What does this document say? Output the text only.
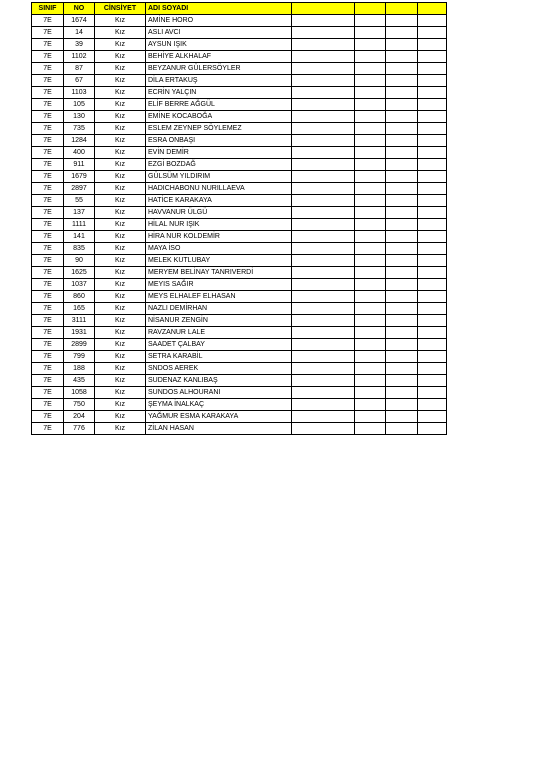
SINIF	NO	CİNSİYET	ADI SOYADI				
7E	1674	Kız	AMİNE HORO				
7E	14	Kız	ASLI AVCI				
7E	39	Kız	AYSUN IŞIK				
7E	1102	Kız	BEHİYE ALKHALAF				
7E	87	Kız	BEYZANUR GÜLERSÖYLER				
7E	67	Kız	DİLA ERTAKUŞ				
7E	1103	Kız	ECRİN YALÇIN				
7E	105	Kız	ELİF BERRE AĞGÜL				
7E	130	Kız	EMİNE KOCABOĞA				
7E	735	Kız	ESLEM ZEYNEP SÖYLEMEZ				
7E	1284	Kız	ESRA ONBAŞI				
7E	400	Kız	EVİN DEMİR				
7E	911	Kız	EZGİ BOZDAĞ				
7E	1679	Kız	GÜLSÜM YILDIRIM				
7E	2897	Kız	HADICHABONU NURILLAEVA				
7E	55	Kız	HATİCE KARAKAYA				
7E	137	Kız	HAVVANUR ÜLGÜ				
7E	1111	Kız	HİLAL NUR IŞIK				
7E	141	Kız	HİRA NUR KOLDEMİR				
7E	835	Kız	MAYA İSO				
7E	90	Kız	MELEK KUTLUBAY				
7E	1625	Kız	MERYEM BELİNAY TANRIVERDİ				
7E	1037	Kız	MEYIS SAĞIR				
7E	860	Kız	MEYS ELHALEF ELHASAN				
7E	165	Kız	NAZLI DEMİRHAN				
7E	3111	Kız	NİSANUR ZENGİN				
7E	1931	Kız	RAVZANUR LALE				
7E	2899	Kız	SAADET ÇALBAY				
7E	799	Kız	SETRA KARABİL				
7E	188	Kız	SNDOS AEREK				
7E	435	Kız	SUDENAZ KANLIBAŞ				
7E	1058	Kız	SUNDOS ALHOURANI				
7E	750	Kız	ŞEYMA İNALKAÇ				
7E	204	Kız	YAĞMUR ESMA KARAKAYA				
7E	776	Kız	ZİLAN HASAN				
